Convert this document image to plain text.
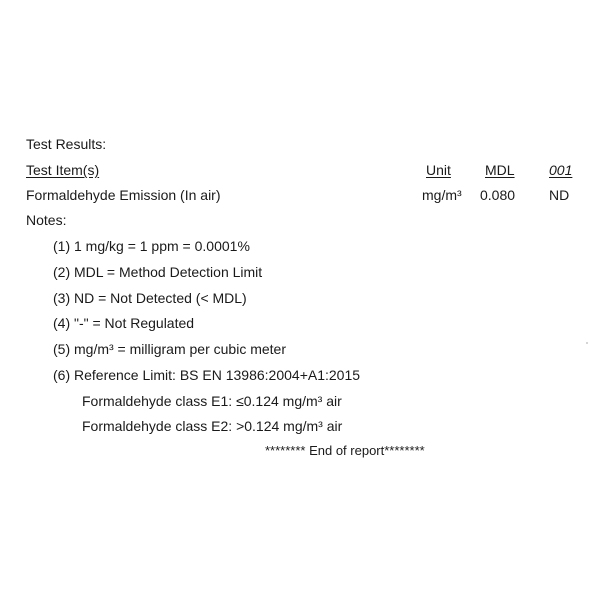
Test Results:
Test Item(s)	Unit MDL 001
Formaldehyde Emission (In air)	mg/m³ 0.080 ND
Notes:
(1) 1 mg/kg = 1 ppm = 0.0001%
(2) MDL = Method Detection Limit
(3) ND = Not Detected (< MDL)
(4) "-" = Not Regulated
(5) mg/m³ = milligram per cubic meter
(6) Reference Limit: BS EN 13986:2004+A1:2015
Formaldehyde class E1: ≤0.124 mg/m³ air
Formaldehyde class E2: >0.124 mg/m³ air
******** End of report********
